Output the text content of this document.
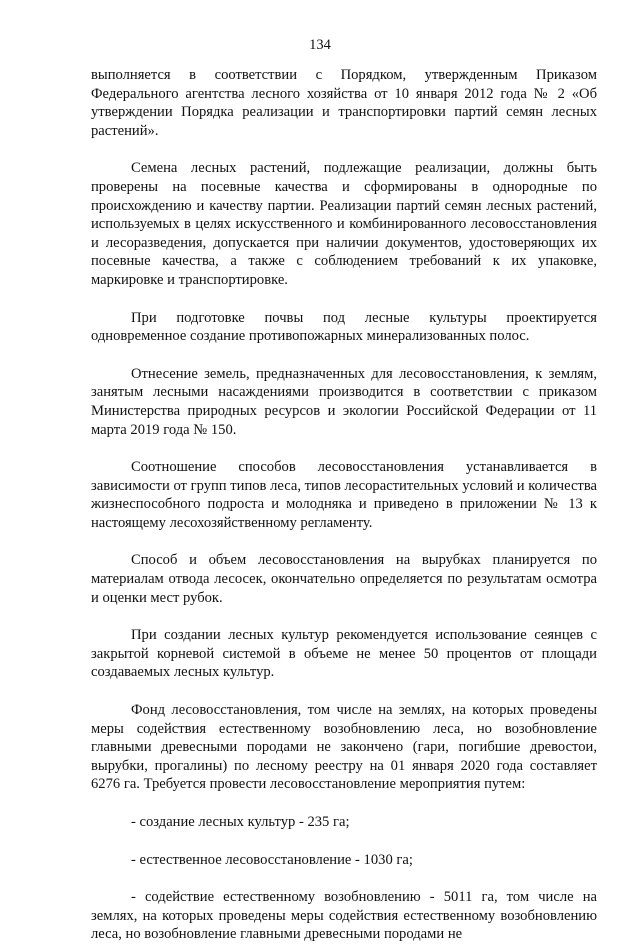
134

выполняется в соответствии с Порядком, утвержденным Приказом Федерального агентства лесного хозяйства от 10 января 2012 года № 2 «Об утверждении Порядка реализации и транспортировки партий семян лесных растений».

Семена лесных растений, подлежащие реализации, должны быть проверены на посевные качества и сформированы в однородные по происхождению и качеству партии. Реализации партий семян лесных растений, используемых в целях искусственного и комбинированного лесовосстановления и лесоразведения, допускается при наличии документов, удостоверяющих их посевные качества, а также с соблюдением требований к их упаковке, маркировке и транспортировке.

При подготовке почвы под лесные культуры проектируется одновременное создание противопожарных минерализованных полос.

Отнесение земель, предназначенных для лесовосстановления, к землям, занятым лесными насаждениями производится в соответствии с приказом Министерства природных ресурсов и экологии Российской Федерации от 11 марта 2019 года № 150.

Соотношение способов лесовосстановления устанавливается в зависимости от групп типов леса, типов лесорастительных условий и количества жизнеспособного подроста и молодняка и приведено в приложении № 13 к настоящему лесохозяйственному регламенту.

Способ и объем лесовосстановления на вырубках планируется по материалам отвода лесосек, окончательно определяется по результатам осмотра и оценки мест рубок.

При создании лесных культур рекомендуется использование сеянцев с закрытой корневой системой в объеме не менее 50 процентов от площади создаваемых лесных культур.

Фонд лесовосстановления, том числе на землях, на которых проведены меры содействия естественному возобновлению леса, но возобновление главными древесными породами не закончено (гари, погибшие древостои, вырубки, прогалины) по лесному реестру на 01 января 2020 года составляет 6276 га. Требуется провести лесовосстановление мероприятия путем:

- создание лесных культур - 235 га;

- естественное лесовосстановление - 1030 га;

- содействие естественному возобновлению - 5011 га, том числе на землях, на которых проведены меры содействия естественному возобновлению леса, но возобновление главными древесными породами не
